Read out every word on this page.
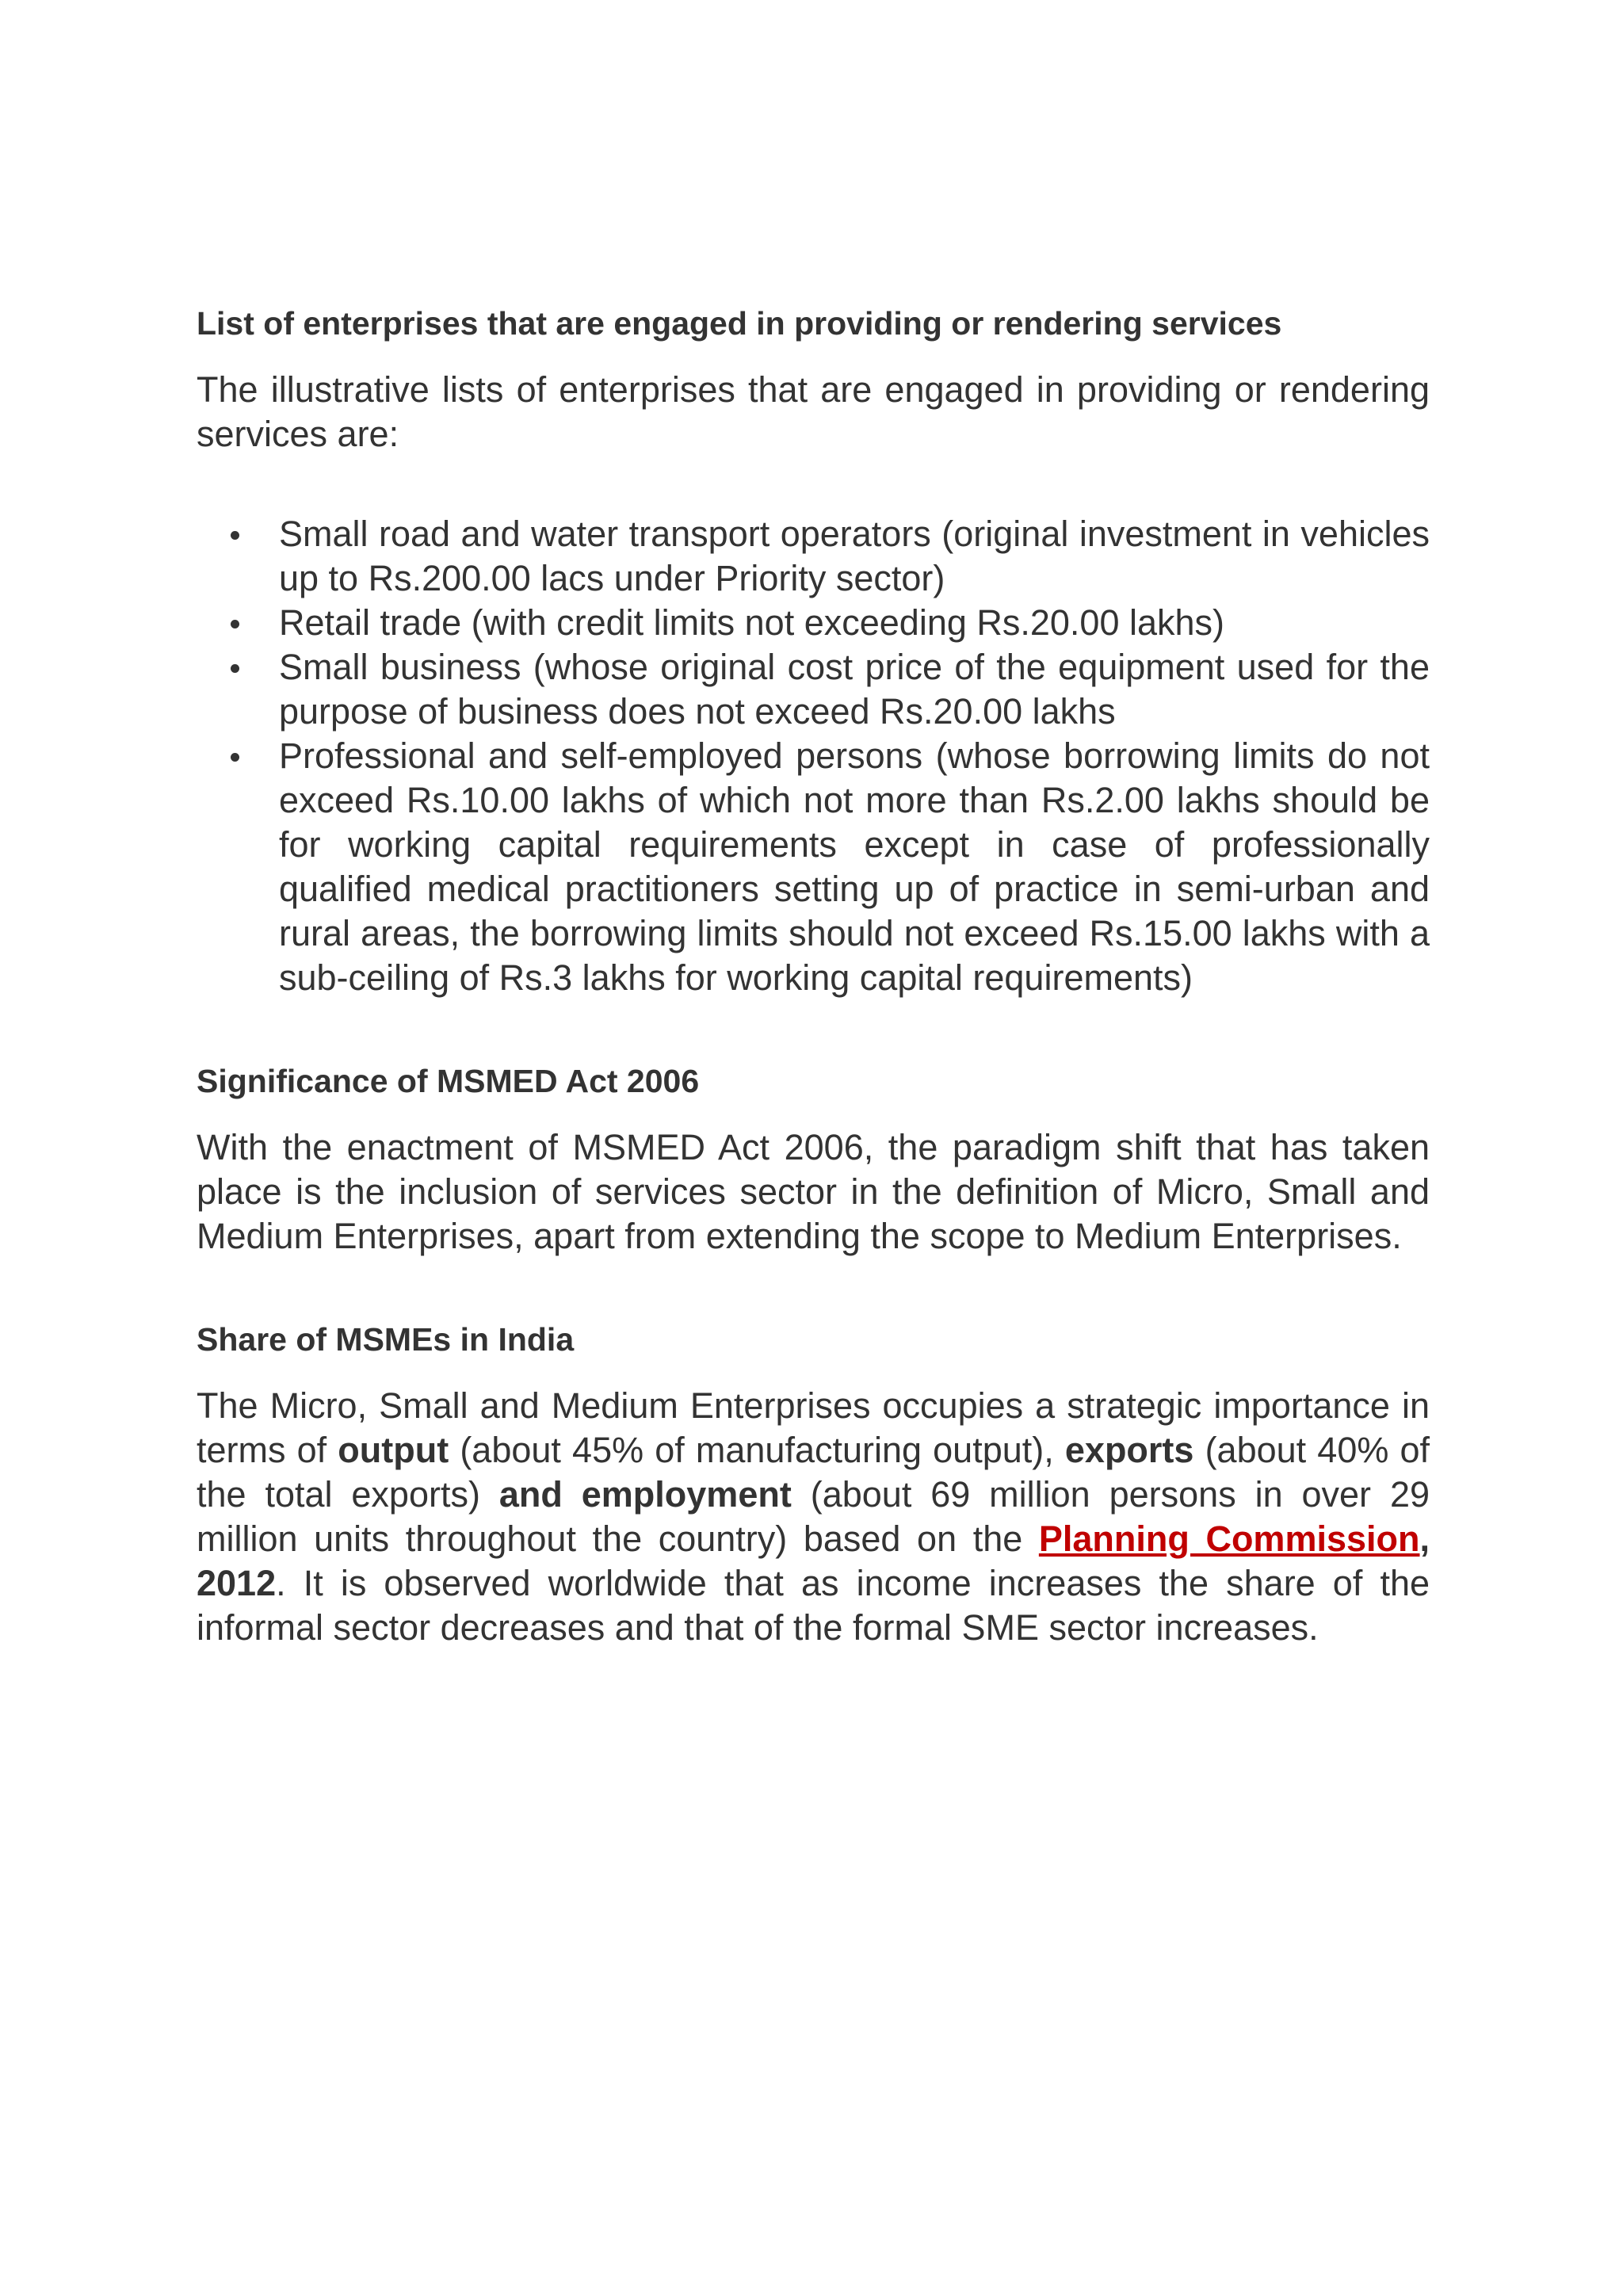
List of enterprises that are engaged in providing or rendering services

The illustrative lists of enterprises that are engaged in providing or rendering services are:

Small road and water transport operators (original investment in vehicles up to Rs.200.00 lacs under Priority sector)
Retail trade (with credit limits not exceeding Rs.20.00 lakhs)
Small business (whose original cost price of the equipment used for the purpose of business does not exceed Rs.20.00 lakhs
Professional and self-employed persons (whose borrowing limits do not exceed Rs.10.00 lakhs of which not more than Rs.2.00 lakhs should be for working capital requirements except in case of professionally qualified medical practitioners setting up of practice in semi-urban and rural areas, the borrowing limits should not exceed Rs.15.00 lakhs with a sub-ceiling of Rs.3 lakhs for working capital requirements)
Significance of MSMED Act 2006

With the enactment of MSMED Act 2006, the paradigm shift that has taken place is the inclusion of services sector in the definition of Micro, Small and Medium Enterprises, apart from extending the scope to Medium Enterprises.

Share of MSMEs in India

The Micro, Small and Medium Enterprises occupies a strategic importance in terms of output (about 45% of manufacturing output), exports (about 40% of the total exports) and employment (about 69 million persons in over 29 million units throughout the country) based on the Planning Commission, 2012. It is observed worldwide that as income increases the share of the informal sector decreases and that of the formal SME sector increases.
